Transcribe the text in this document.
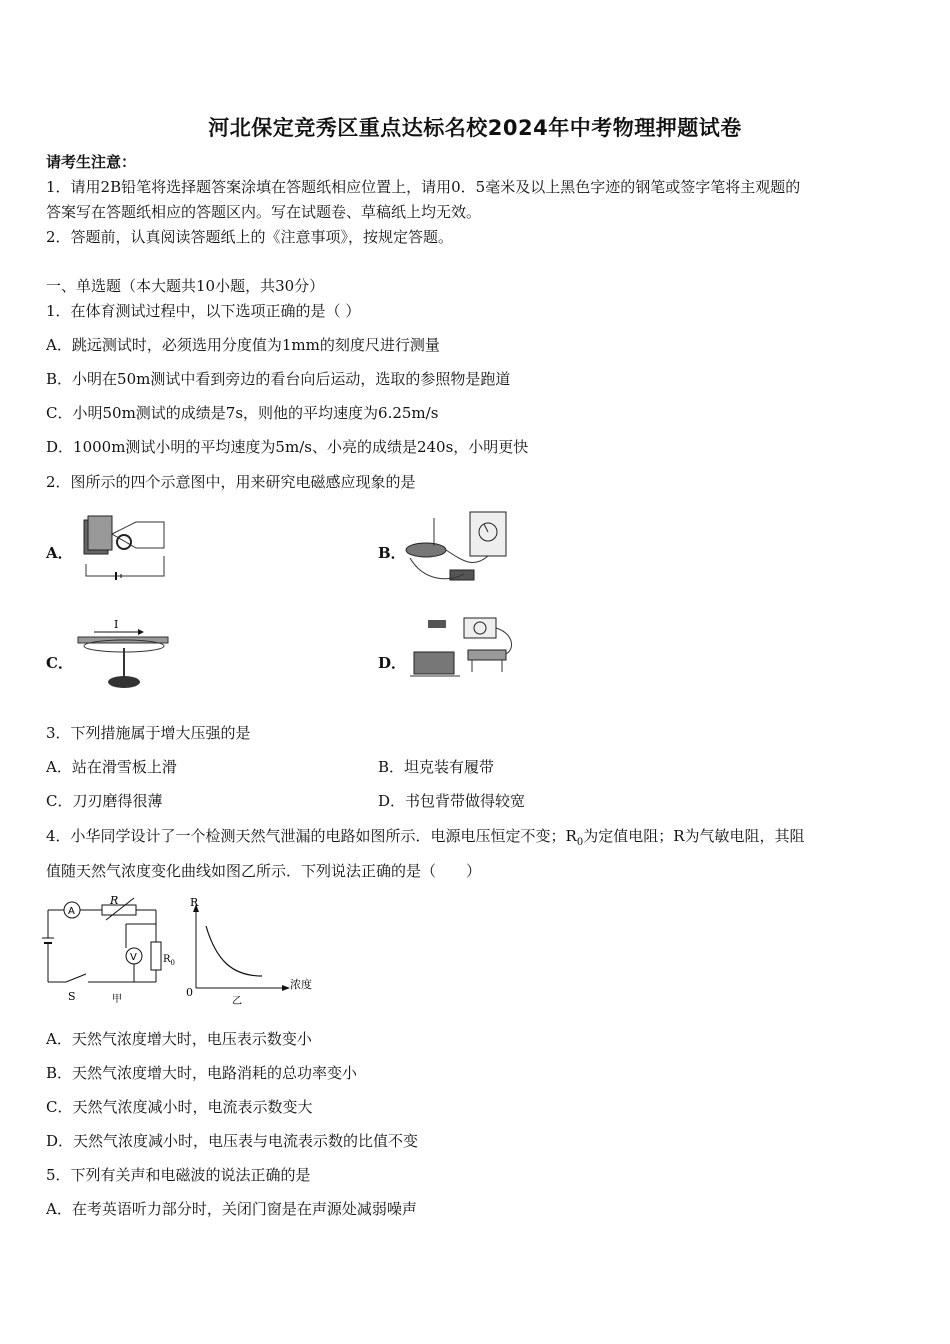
河北保定竞秀区重点达标名校2024年中考物理押题试卷
请考生注意：
1．请用2B铅笔将选择题答案涂填在答题纸相应位置上，请用0．5毫米及以上黑色字迹的钢笔或签字笔将主观题的
答案写在答题纸相应的答题区内。写在试题卷、草稿纸上均无效。
2．答题前，认真阅读答题纸上的《注意事项》，按规定答题。
一、单选题（本大题共10小题，共30分）
1．在体育测试过程中，以下选项正确的是（ ）
A．跳远测试时，必须选用分度值为1mm的刻度尺进行测量
B．小明在50m测试中看到旁边的看台向后运动，选取的参照物是跑道
C．小明50m测试的成绩是7s，则他的平均速度为6.25m/s
D．1000m测试小明的平均速度为5m/s、小亮的成绩是240s，小明更快
2．图所示的四个示意图中，用来研究电磁感应现象的是
A．	B．
C．
I
D．
3．下列措施属于增大压强的是
A．站在滑雪板上滑	B．坦克装有履带
C．刀刃磨得很薄	D．书包背带做得较宽
4．小华同学设计了一个检测天然气泄漏的电路如图所示．电源电压恒定不变；$R_0$为定值电阻；R为气敏电阻，其阻
值随天然气浓度变化曲线如图乙所示．下列说法正确的是（　　）
A
R
S
V	$R_0$
甲
R
0
浓度
乙
A．天然气浓度增大时，电压表示数变小
B．天然气浓度增大时，电路消耗的总功率变小
C．天然气浓度减小时，电流表示数变大
D．天然气浓度减小时，电压表与电流表示数的比值不变
5．下列有关声和电磁波的说法正确的是
A．在考英语听力部分时，关闭门窗是在声源处减弱噪声
